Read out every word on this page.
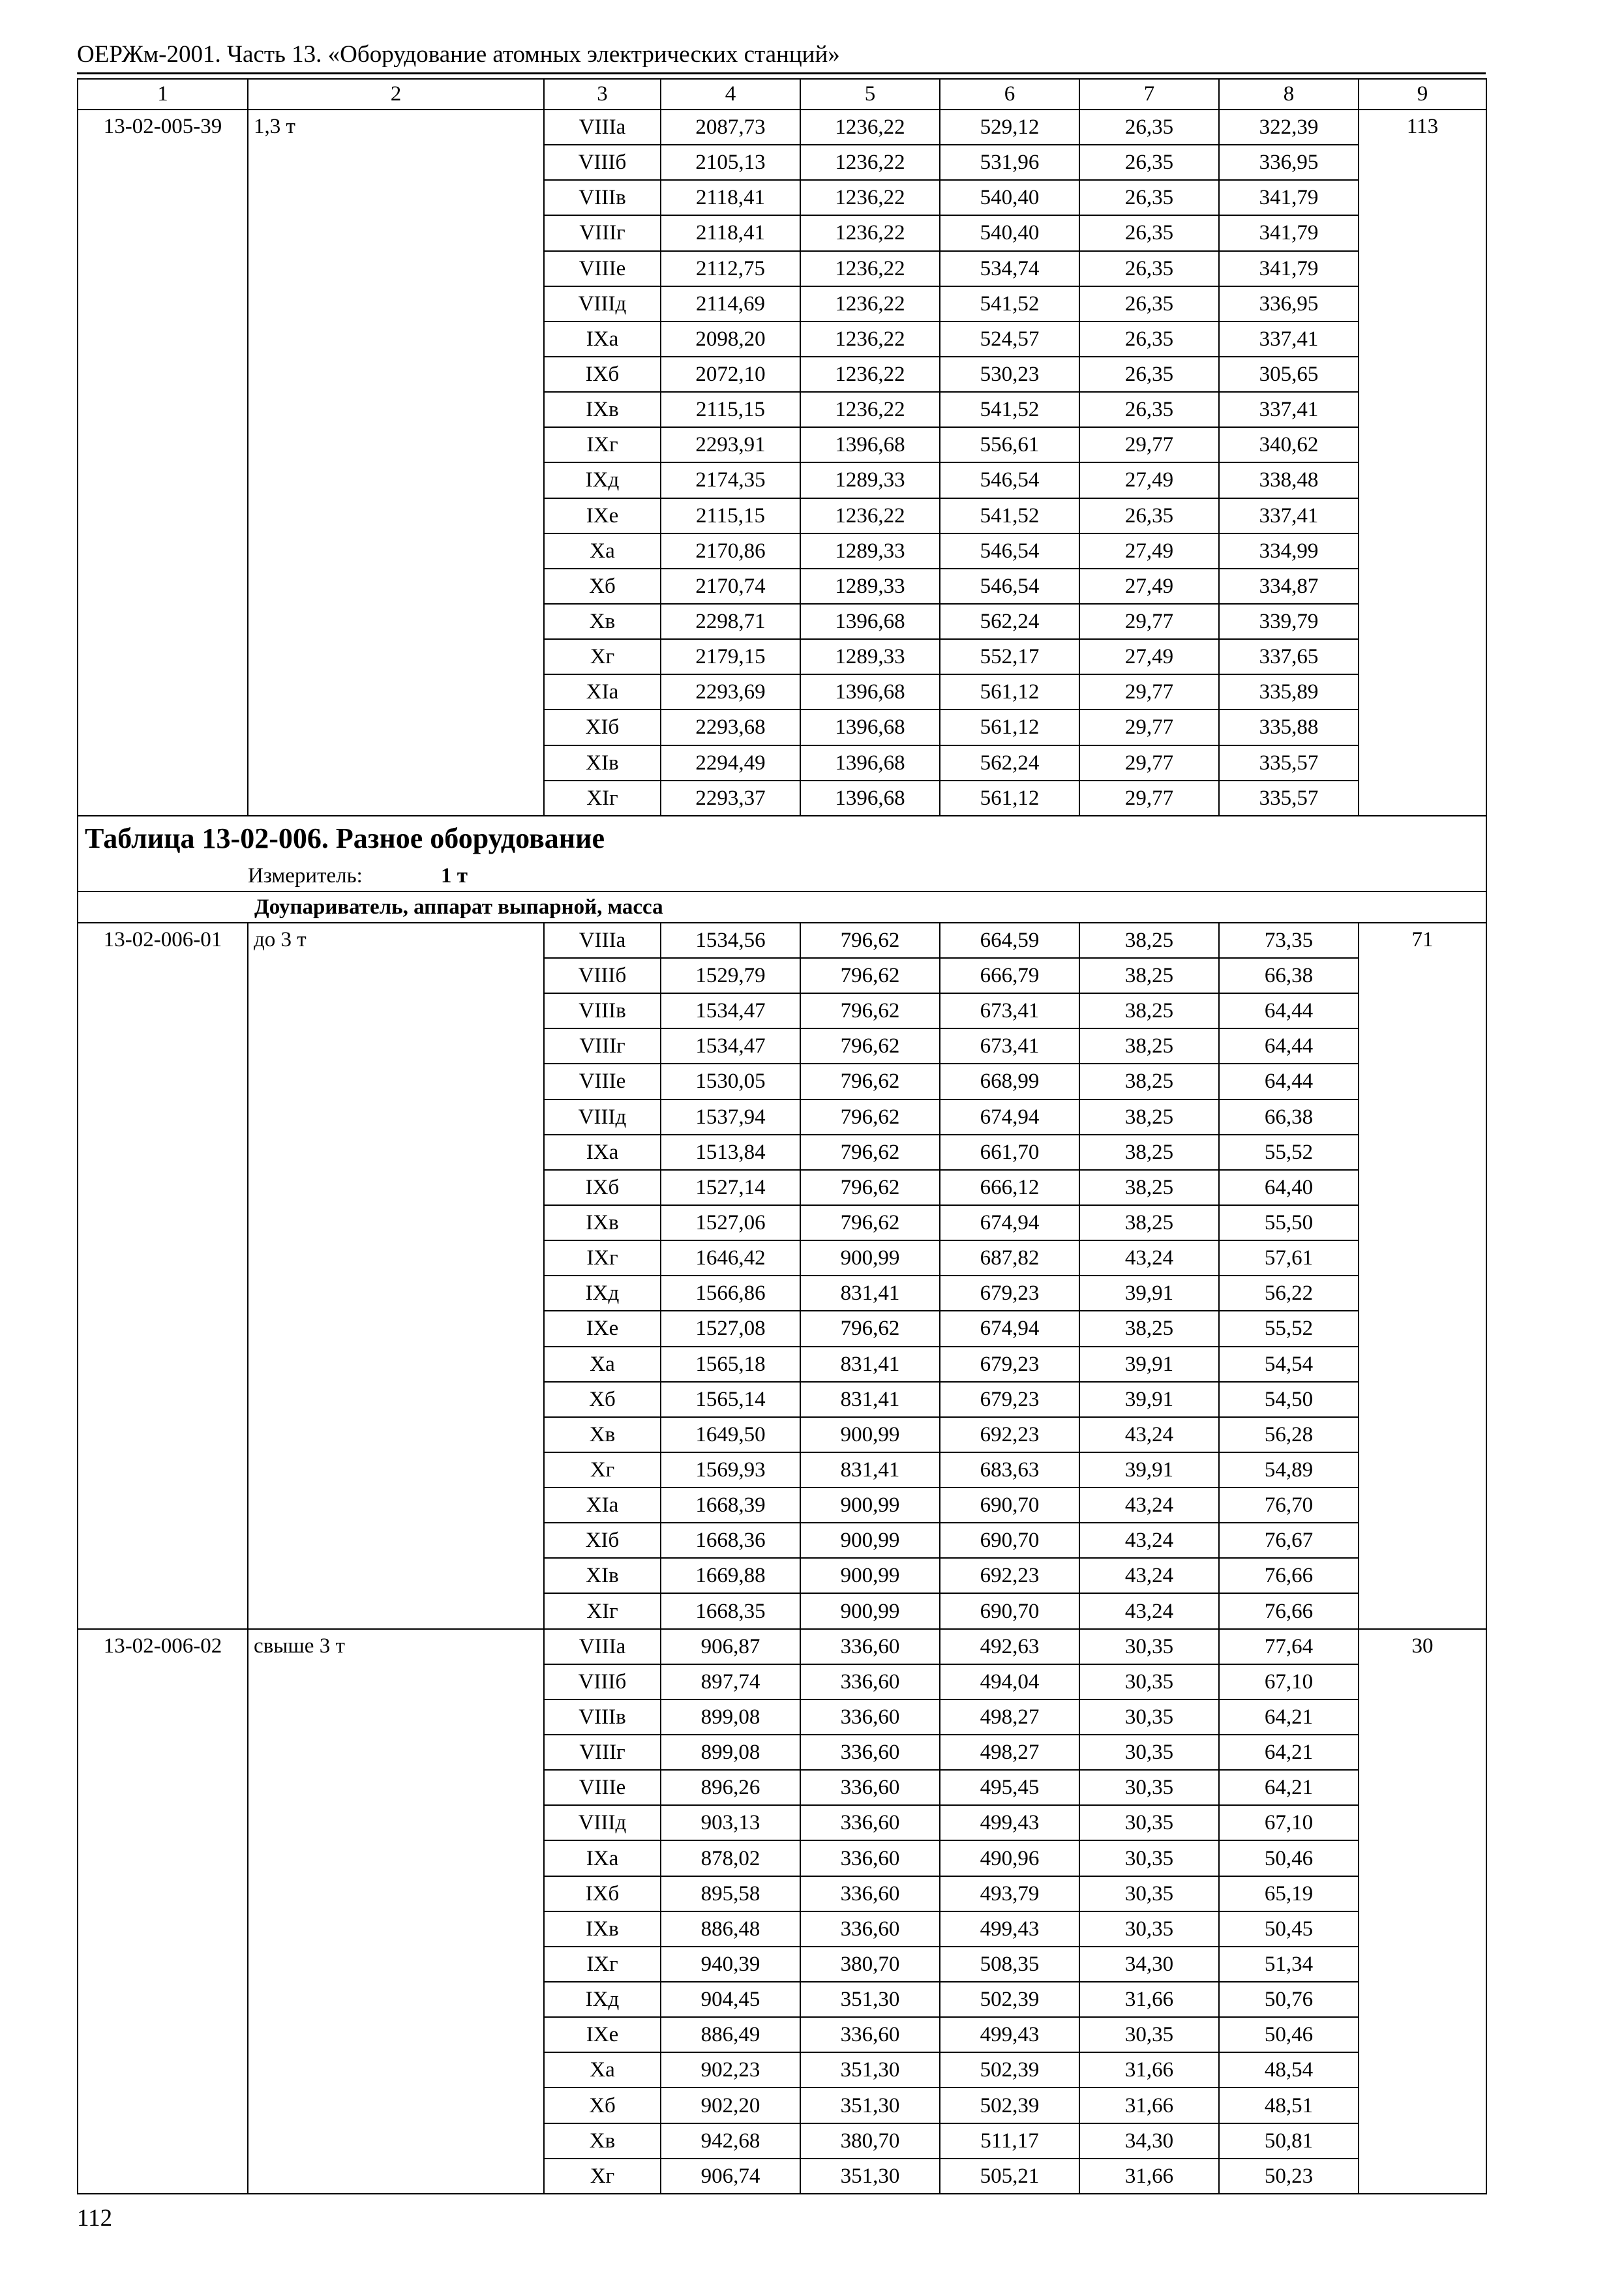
ОЕРЖм-2001. Часть 13. «Оборудование атомных электрических станций»
1	2	3	4	5	6	7	8	9
13-02-005-39	1,3 т	VIIIа	2087,73	1236,22	529,12	26,35	322,39	113
		VIIIб	2105,13	1236,22	531,96	26,35	336,95	
		VIIIв	2118,41	1236,22	540,40	26,35	341,79	
		VIIIг	2118,41	1236,22	540,40	26,35	341,79	
		VIIIе	2112,75	1236,22	534,74	26,35	341,79	
		VIIIд	2114,69	1236,22	541,52	26,35	336,95	
		IXа	2098,20	1236,22	524,57	26,35	337,41	
		IXб	2072,10	1236,22	530,23	26,35	305,65	
		IXв	2115,15	1236,22	541,52	26,35	337,41	
		IXг	2293,91	1396,68	556,61	29,77	340,62	
		IXд	2174,35	1289,33	546,54	27,49	338,48	
		IXе	2115,15	1236,22	541,52	26,35	337,41	
		Xа	2170,86	1289,33	546,54	27,49	334,99	
		Xб	2170,74	1289,33	546,54	27,49	334,87	
		Xв	2298,71	1396,68	562,24	29,77	339,79	
		Xг	2179,15	1289,33	552,17	27,49	337,65	
		XIа	2293,69	1396,68	561,12	29,77	335,89	
		XIб	2293,68	1396,68	561,12	29,77	335,88	
		XIв	2294,49	1396,68	562,24	29,77	335,57	
		XIг	2293,37	1396,68	561,12	29,77	335,57	
Таблица 13-02-006. Разное оборудование								
Измеритель: 1 т								
Доупариватель, аппарат выпарной, масса								
13-02-006-01	до 3 т	VIIIа	1534,56	796,62	664,59	38,25	73,35	71
		VIIIб	1529,79	796,62	666,79	38,25	66,38	
		VIIIв	1534,47	796,62	673,41	38,25	64,44	
		VIIIг	1534,47	796,62	673,41	38,25	64,44	
		VIIIе	1530,05	796,62	668,99	38,25	64,44	
		VIIIд	1537,94	796,62	674,94	38,25	66,38	
		IXа	1513,84	796,62	661,70	38,25	55,52	
		IXб	1527,14	796,62	666,12	38,25	64,40	
		IXв	1527,06	796,62	674,94	38,25	55,50	
		IXг	1646,42	900,99	687,82	43,24	57,61	
		IXд	1566,86	831,41	679,23	39,91	56,22	
		IXе	1527,08	796,62	674,94	38,25	55,52	
		Xа	1565,18	831,41	679,23	39,91	54,54	
		Xб	1565,14	831,41	679,23	39,91	54,50	
		Xв	1649,50	900,99	692,23	43,24	56,28	
		Xг	1569,93	831,41	683,63	39,91	54,89	
		XIа	1668,39	900,99	690,70	43,24	76,70	
		XIб	1668,36	900,99	690,70	43,24	76,67	
		XIв	1669,88	900,99	692,23	43,24	76,66	
		XIг	1668,35	900,99	690,70	43,24	76,66	
13-02-006-02	свыше 3 т	VIIIа	906,87	336,60	492,63	30,35	77,64	30
		VIIIб	897,74	336,60	494,04	30,35	67,10	
		VIIIв	899,08	336,60	498,27	30,35	64,21	
		VIIIг	899,08	336,60	498,27	30,35	64,21	
		VIIIе	896,26	336,60	495,45	30,35	64,21	
		VIIIд	903,13	336,60	499,43	30,35	67,10	
		IXа	878,02	336,60	490,96	30,35	50,46	
		IXб	895,58	336,60	493,79	30,35	65,19	
		IXв	886,48	336,60	499,43	30,35	50,45	
		IXг	940,39	380,70	508,35	34,30	51,34	
		IXд	904,45	351,30	502,39	31,66	50,76	
		IXе	886,49	336,60	499,43	30,35	50,46	
		Xа	902,23	351,30	502,39	31,66	48,54	
		Xб	902,20	351,30	502,39	31,66	48,51	
		Xв	942,68	380,70	511,17	34,30	50,81	
		Xг	906,74	351,30	505,21	31,66	50,23	
112
